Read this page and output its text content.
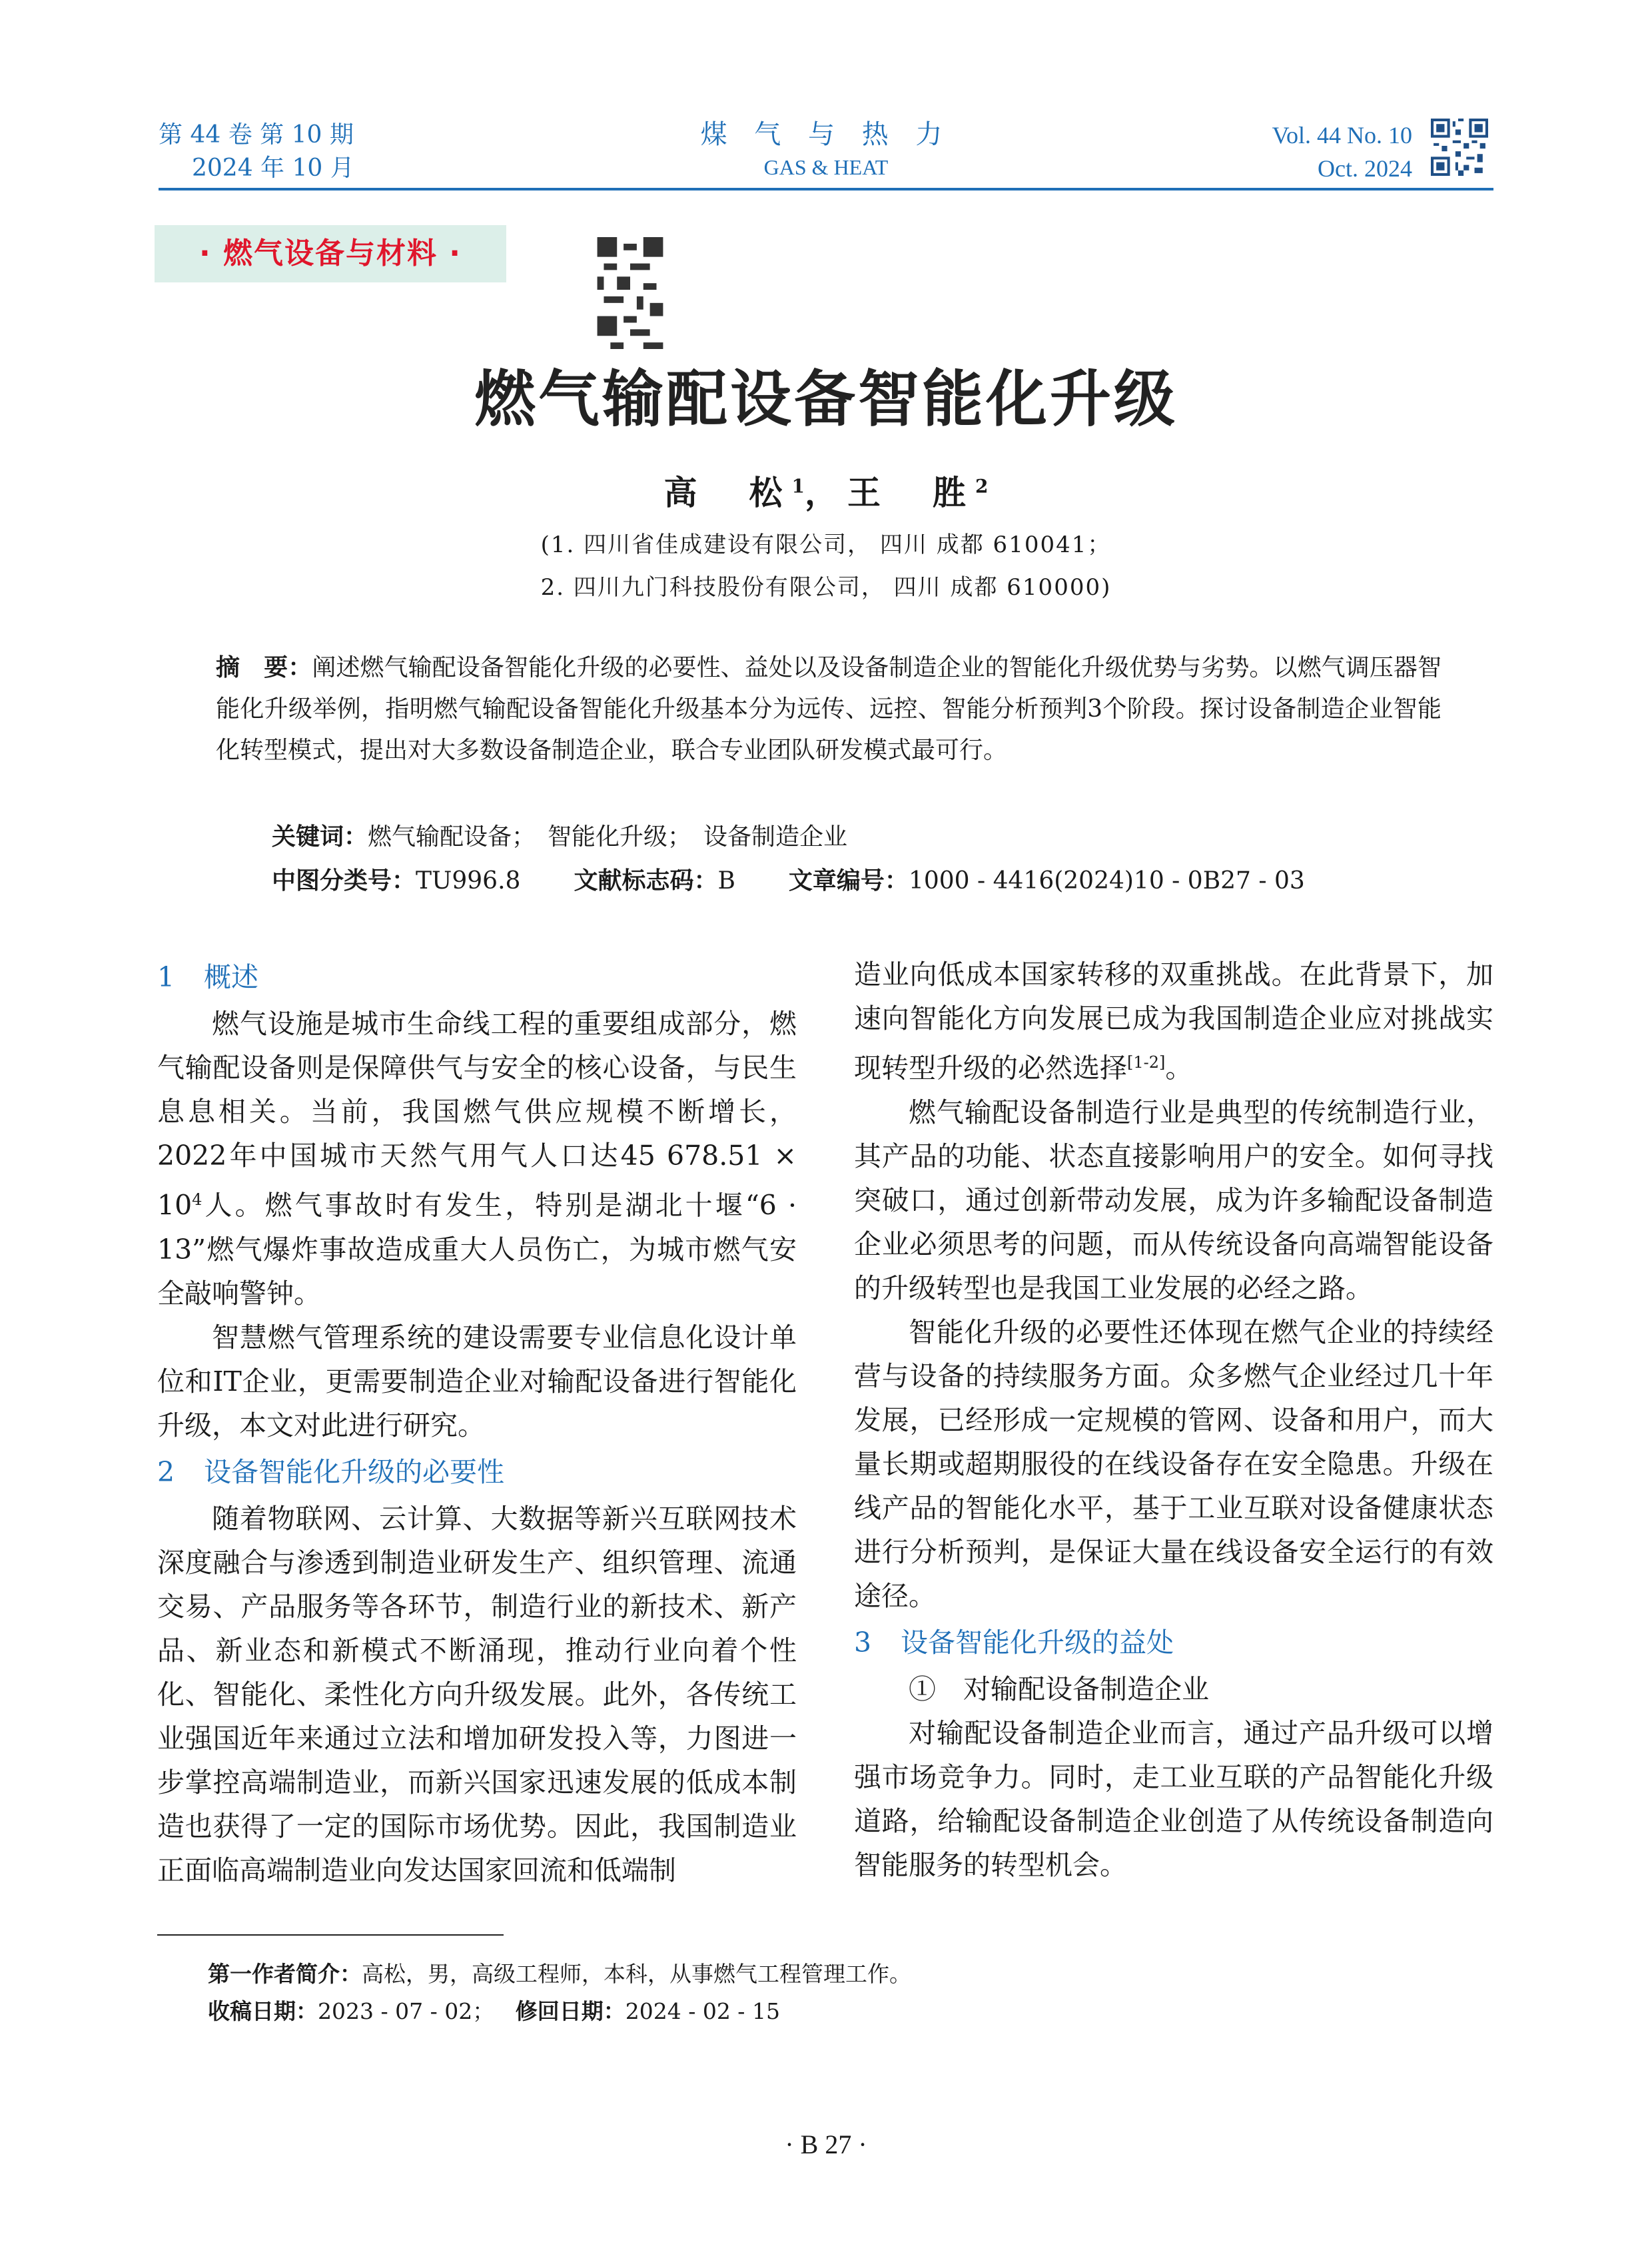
第 44 卷 第 10 期
2024 年 10 月
煤 气 与 热 力
GAS & HEAT
Vol. 44 No. 10
Oct. 2024
· 燃气设备与材料 ·
燃气输配设备智能化升级
高　松$^1$，王　胜$^2$
(1. 四川省佳成建设有限公司， 四川 成都 610041；
2. 四川九门科技股份有限公司， 四川 成都 610000)
摘　要：阐述燃气输配设备智能化升级的必要性、益处以及设备制造企业的智能化升级优势与劣势。以燃气调压器智能化升级举例，指明燃气输配设备智能化升级基本分为远传、远控、智能分析预判3个阶段。探讨设备制造企业智能化转型模式，提出对大多数设备制造企业，联合专业团队研发模式最可行。
关键词：燃气输配设备；　智能化升级；　设备制造企业
中图分类号：TU996.8 文献标志码：B 文章编号：1000 - 4416(2024)10 - 0B27 - 03
1 概述

燃气设施是城市生命线工程的重要组成部分，燃气输配设备则是保障供气与安全的核心设备，与民生息息相关。当前，我国燃气供应规模不断增长，2022年中国城市天然气用气人口达45 $678.51 \times 10^4$人。燃气事故时有发生，特别是湖北十堰“6 · 13”燃气爆炸事故造成重大人员伤亡，为城市燃气安全敲响警钟。

智慧燃气管理系统的建设需要专业信息化设计单位和IT企业，更需要制造企业对输配设备进行智能化升级，本文对此进行研究。

2 设备智能化升级的必要性

随着物联网、云计算、大数据等新兴互联网技术深度融合与渗透到制造业研发生产、组织管理、流通交易、产品服务等各环节，制造行业的新技术、新产品、新业态和新模式不断涌现，推动行业向着个性化、智能化、柔性化方向升级发展。此外，各传统工业强国近年来通过立法和增加研发投入等，力图进一步掌控高端制造业，而新兴国家迅速发展的低成本制造也获得了一定的国际市场优势。因此，我国制造业正面临高端制造业向发达国家回流和低端制

造业向低成本国家转移的双重挑战。在此背景下，加速向智能化方向发展已成为我国制造企业应对挑战实现转型升级的必然选择[1-2]。

燃气输配设备制造行业是典型的传统制造行业，其产品的功能、状态直接影响用户的安全。如何寻找突破口，通过创新带动发展，成为许多输配设备制造企业必须思考的问题，而从传统设备向高端智能设备的升级转型也是我国工业发展的必经之路。

智能化升级的必要性还体现在燃气企业的持续经营与设备的持续服务方面。众多燃气企业经过几十年发展，已经形成一定规模的管网、设备和用户，而大量长期或超期服役的在线设备存在安全隐患。升级在线产品的智能化水平，基于工业互联对设备健康状态进行分析预判，是保证大量在线设备安全运行的有效途径。

3 设备智能化升级的益处

①　对输配设备制造企业

对输配设备制造企业而言，通过产品升级可以增强市场竞争力。同时，走工业互联的产品智能化升级道路，给输配设备制造企业创造了从传统设备制造向智能服务的转型机会。

第一作者简介：高松，男，高级工程师，本科，从事燃气工程管理工作。
收稿日期：2023 - 07 - 02； 修回日期：2024 - 02 - 15
· B 27 ·
